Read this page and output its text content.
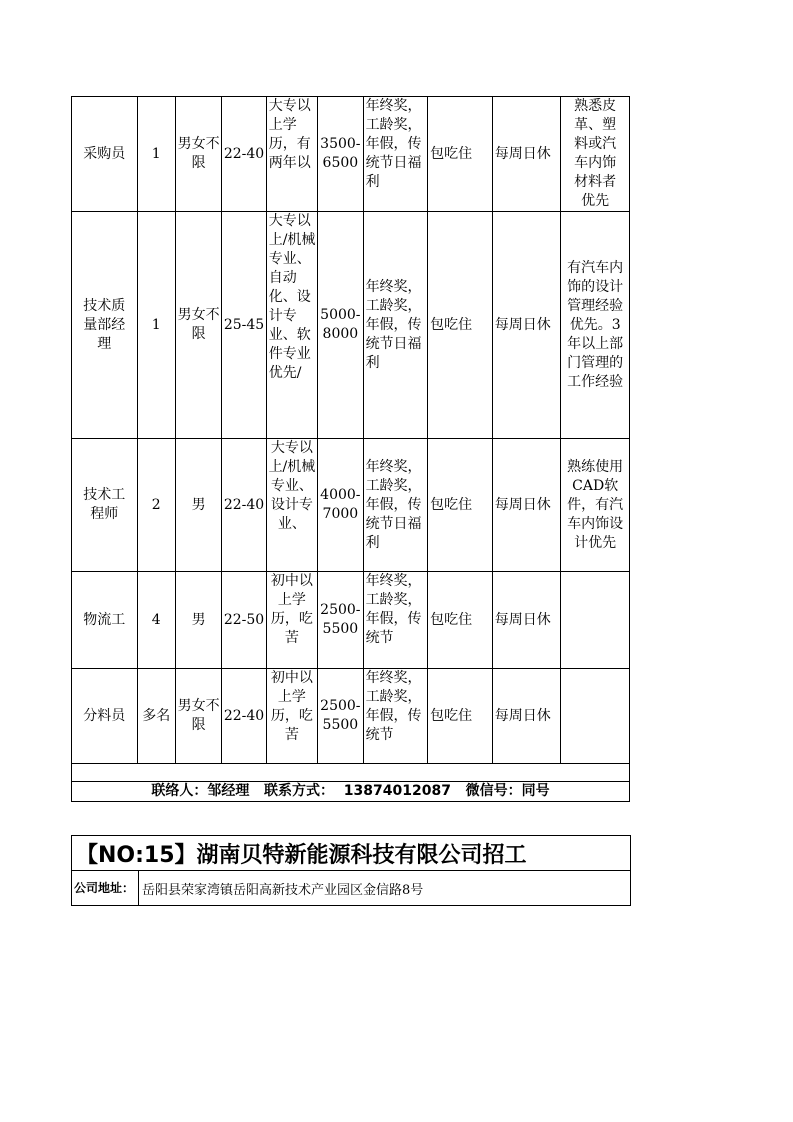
采购员	1	男女不限	22-40	大专以上学历，有两年以	3500-6500	年终奖，工龄奖，年假，传统节日福利	包吃住	每周日休	熟悉皮革、塑料或汽车内饰材料者优先

技术质量部经理	1	男女不限	25-45	大专以上/机械专业、自动化、设计专业、软件专业优先/	5000-8000	年终奖，工龄奖，年假，传统节日福利	包吃住	每周日休	有汽车内饰的设计管理经验优先。3年以上部门管理的工作经验

技术工程师	2	男	22-40	大专以上/机械专业、设计专业、	4000-7000	年终奖，工龄奖，年假，传统节日福利	包吃住	每周日休	熟练使用CAD软件，有汽车内饰设计优先

物流工	4	男	22-50	初中以上学历，吃苦	2500-5500	年终奖，工龄奖，年假，传统节	包吃住	每周日休	

分料员	多名	男女不限	22-40	初中以上学历，吃苦	2500-5500	年终奖，工龄奖，年假，传统节	包吃住	每周日休	

联络人：邹经理   联系方式：  13874012087   微信号：同号									
【NO:15】湖南贝特新能源科技有限公司招工
公司地址：	岳阳县荣家湾镇岳阳高新技术产业园区金信路8号
